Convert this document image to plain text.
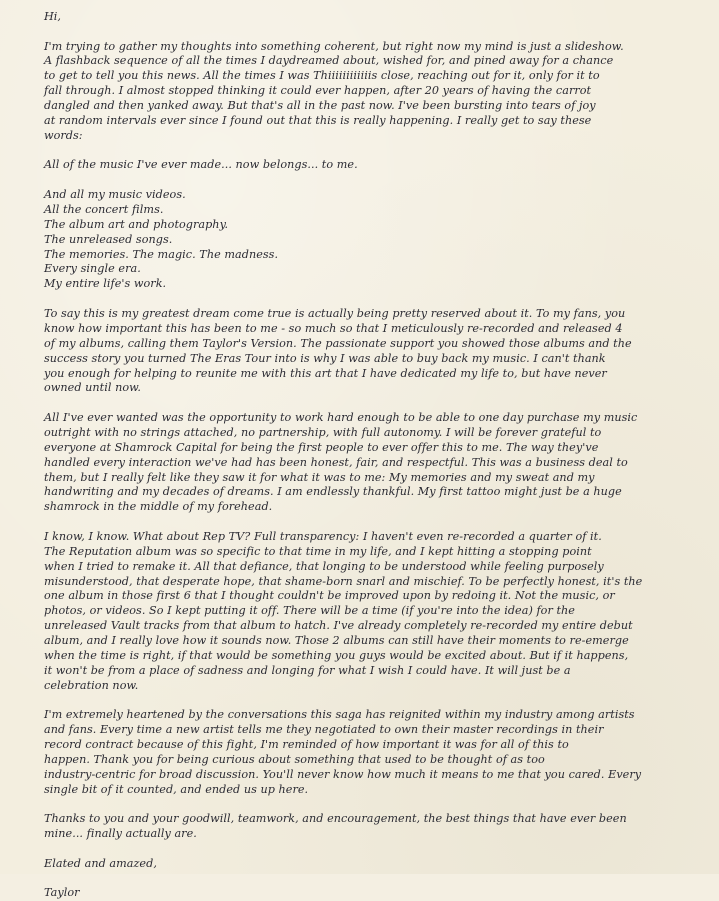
Hi,
I'm trying to gather my thoughts into something coherent, but right now my mind is just a slideshow.
A flashback sequence of all the times I daydreamed about, wished for, and pined away for a chance
to get to tell you this news. All the times I was Thiiiiiiiiiiiis close, reaching out for it, only for it to
fall through. I almost stopped thinking it could ever happen, after 20 years of having the carrot
dangled and then yanked away. But that's all in the past now. I've been bursting into tears of joy
at random intervals ever since I found out that this is really happening. I really get to say these
words:
All of the music I've ever made... now belongs... to me.
And all my music videos.
All the concert films.
The album art and photography.
The unreleased songs.
The memories. The magic. The madness.
Every single era.
My entire life's work.
To say this is my greatest dream come true is actually being pretty reserved about it. To my fans, you
know how important this has been to me - so much so that I meticulously re-recorded and released 4
of my albums, calling them Taylor's Version. The passionate support you showed those albums and the
success story you turned The Eras Tour into is why I was able to buy back my music. I can't thank
you enough for helping to reunite me with this art that I have dedicated my life to, but have never
owned until now.
All I've ever wanted was the opportunity to work hard enough to be able to one day purchase my music
outright with no strings attached, no partnership, with full autonomy. I will be forever grateful to
everyone at Shamrock Capital for being the first people to ever offer this to me. The way they've
handled every interaction we've had has been honest, fair, and respectful. This was a business deal to
them, but I really felt like they saw it for what it was to me: My memories and my sweat and my
handwriting and my decades of dreams. I am endlessly thankful. My first tattoo might just be a huge
shamrock in the middle of my forehead.
I know, I know. What about Rep TV? Full transparency: I haven't even re-recorded a quarter of it.
The Reputation album was so specific to that time in my life, and I kept hitting a stopping point
when I tried to remake it. All that defiance, that longing to be understood while feeling purposely
misunderstood, that desperate hope, that shame-born snarl and mischief. To be perfectly honest, it's the
one album in those first 6 that I thought couldn't be improved upon by redoing it. Not the music, or
photos, or videos. So I kept putting it off. There will be a time (if you're into the idea) for the
unreleased Vault tracks from that album to hatch. I've already completely re-recorded my entire debut
album, and I really love how it sounds now. Those 2 albums can still have their moments to re-emerge
when the time is right, if that would be something you guys would be excited about. But if it happens,
it won't be from a place of sadness and longing for what I wish I could have. It will just be a
celebration now.
I'm extremely heartened by the conversations this saga has reignited within my industry among artists
and fans. Every time a new artist tells me they negotiated to own their master recordings in their
record contract because of this fight, I'm reminded of how important it was for all of this to
happen. Thank you for being curious about something that used to be thought of as too
industry-centric for broad discussion. You'll never know how much it means to me that you cared. Every
single bit of it counted, and ended us up here.
Thanks to you and your goodwill, teamwork, and encouragement, the best things that have ever been
mine... finally actually are.
Elated and amazed,
Taylor
